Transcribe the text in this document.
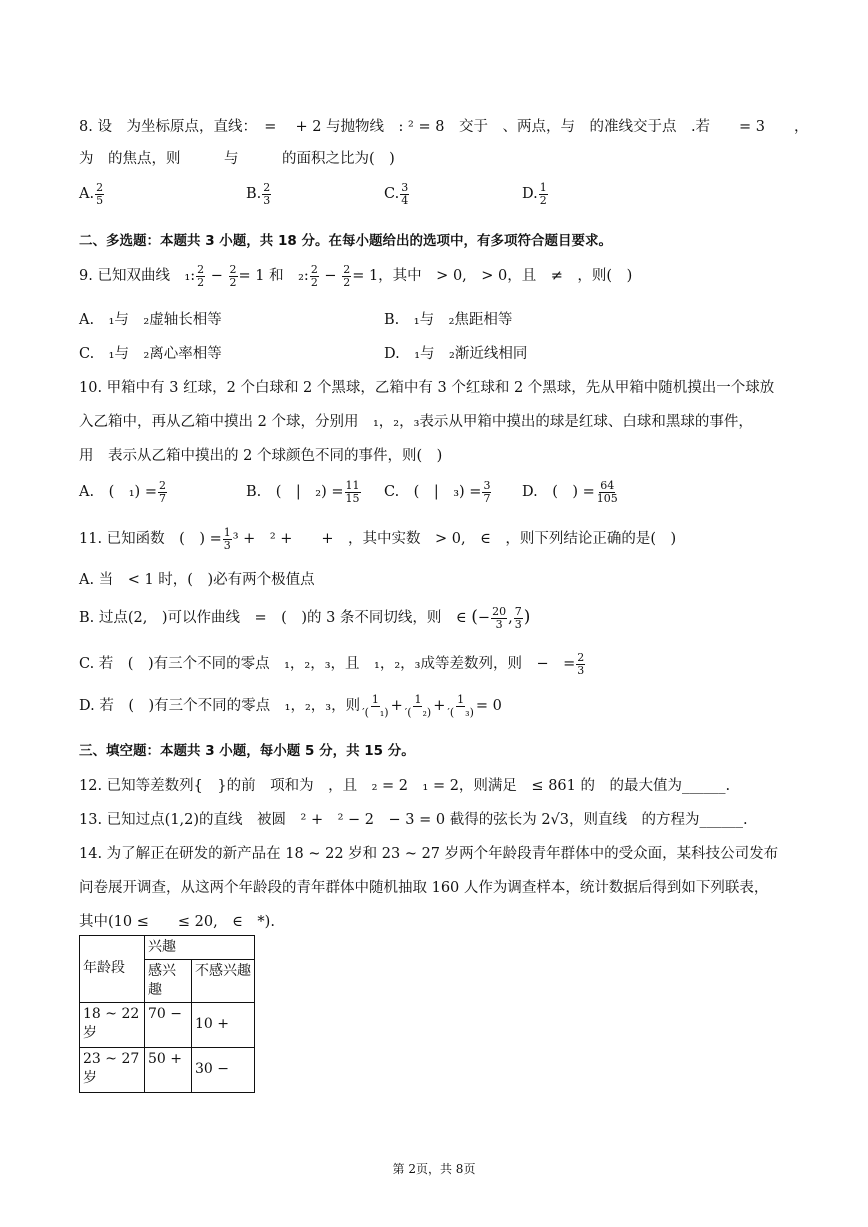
8. 设　为坐标原点，直线：　=　 + 2 与抛物线　: ² = 8　交于　、两点，与　的准线交于点　.若　　= 3　　，
为　的焦点，则　　　与　　　的面积之比为(　)
A. $\frac{2}{5}$	B. $\frac{2}{3}$	C. $\frac{3}{4}$	D. $\frac{1}{2}$
二、多选题：本题共 3 小题，共 18 分。在每小题给出的选项中，有多项符合题目要求。
9. 已知双曲线　₁: $\frac{2}{2} - \frac{2}{2} = 1$ 和　₂: $\frac{2}{2} - \frac{2}{2} = 1$，其中　> 0,　> 0，且　≠　，则(　)
A.　₁与　₂虚轴长相等	B.　₁与　₂焦距相等
C.　₁与　₂离心率相等	D.　₁与　₂渐近线相同
10. 甲箱中有 3 红球，2 个白球和 2 个黑球，乙箱中有 3 个红球和 2 个黑球，先从甲箱中随机摸出一个球放
入乙箱中，再从乙箱中摸出 2 个球，分别用　₁，₂，₃表示从甲箱中摸出的球是红球、白球和黑球的事件，
用　表示从乙箱中摸出的 2 个球颜色不同的事件，则(　)
A.　(　$_1) = \frac{2}{7}$	B.　(　|　$_2) = \frac{11}{15} C$.　(　|　$_3) = \frac{3}{7} D$.　(　) = $\frac{64}{105}$
11. 已知函数　(　) = $\frac{1}{3} ^3$ +　² +　　+　，其中实数　> 0,　∈　，则下列结论正确的是(　)
A. 当　< 1 时，(　)必有两个极值点
B. 过点(2,　)可以作曲线　=　(　)的 3 条不同切线，则　∈ (− $\frac{20}{3}$ , $\frac{7}{3}$ )
C. 若　(　)有三个不同的零点　₁，₂，₃，且　₁，₂，₃成等差数列，则　−　= $\frac{2}{3}$
D. 若　(　)有三个不同的零点　₁，₂，₃，则 $\frac{1}{\text{′(　₁)}} + \frac{1}{\text{′(　₂)}} + \frac{1}{\text{′(　₃)}} = 0$
三、填空题：本题共 3 小题，每小题 5 分，共 15 分。
12. 已知等差数列{　}的前　项和为　，且　₂ = 2　₁ = 2，则满足　≤ 861 的　的最大值为______.
13. 已知过点(1,2)的直线　被圆　² +　² − 2　− 3 = 0 截得的弦长为 2√3，则直线　的方程为______.
14. 为了解正在研发的新产品在 18 ~ 22 岁和 23 ~ 27 岁两个年龄段青年群体中的受众面，某科技公司发布
问卷展开调查，从这两个年龄段的青年群体中随机抽取 160 人作为调查样本，统计数据后得到如下列联表，
其中(10 ≤　　≤ 20,　∈　*).
年龄段	兴趣	
	感兴趣	不感兴趣
18 ~ 22岁	70 −	10 +
23 ~ 27岁	50 +	30 −
第 2页，共 8页
